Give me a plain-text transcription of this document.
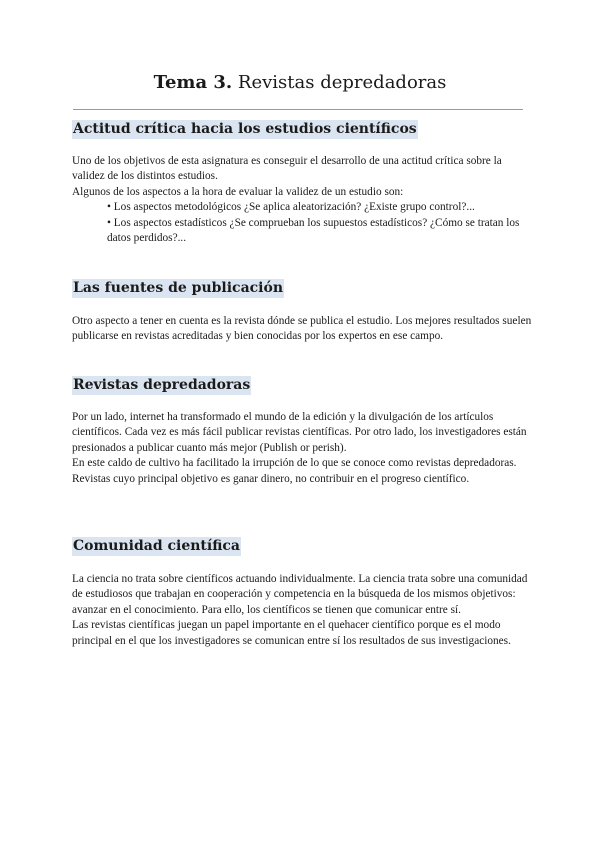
Tema 3. Revistas depredadoras
Actitud crítica hacia los estudios científicos

Uno de los objetivos de esta asignatura es conseguir el desarrollo de una actitud crítica sobre la validez de los distintos estudios.

Algunos de los aspectos a la hora de evaluar la validez de un estudio son:

• Los aspectos metodológicos ¿Se aplica aleatorización? ¿Existe grupo control?...
• Los aspectos estadísticos ¿Se comprueban los supuestos estadísticos? ¿Cómo se tratan los datos perdidos?...
Las fuentes de publicación

Otro aspecto a tener en cuenta es la revista dónde se publica el estudio. Los mejores resultados suelen publicarse en revistas acreditadas y bien conocidas por los expertos en ese campo.

Revistas depredadoras

Por un lado, internet ha transformado el mundo de la edición y la divulgación de los artículos científicos. Cada vez es más fácil publicar revistas científicas. Por otro lado, los investigadores están presionados a publicar cuanto más mejor (Publish or perish).

En este caldo de cultivo ha facilitado la irrupción de lo que se conoce como revistas depredadoras. Revistas cuyo principal objetivo es ganar dinero, no contribuir en el progreso científico.

Comunidad científica

La ciencia no trata sobre científicos actuando individualmente. La ciencia trata sobre una comunidad de estudiosos que trabajan en cooperación y competencia en la búsqueda de los mismos objetivos: avanzar en el conocimiento. Para ello, los científicos se tienen que comunicar entre sí.

Las revistas científicas juegan un papel importante en el quehacer científico porque es el modo principal en el que los investigadores se comunican entre sí los resultados de sus investigaciones.
